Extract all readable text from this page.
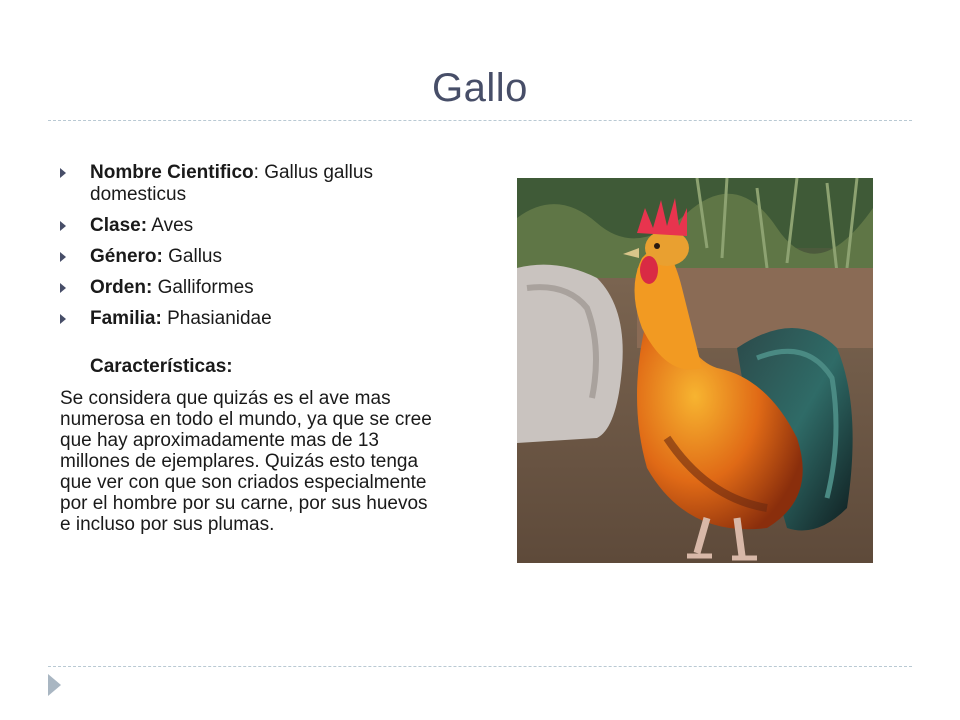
Gallo
Nombre Cientifico: Gallus gallus domesticus
Clase: Aves
Género: Gallus
Orden: Galliformes
Familia: Phasianidae
Características:

Se considera que quizás es el ave mas numerosa en todo el mundo, ya que se cree que hay aproximadamente mas de 13 millones de ejemplares. Quizás esto tenga que ver con que son criados especialmente por el hombre por su carne, por sus huevos e incluso por sus plumas.
